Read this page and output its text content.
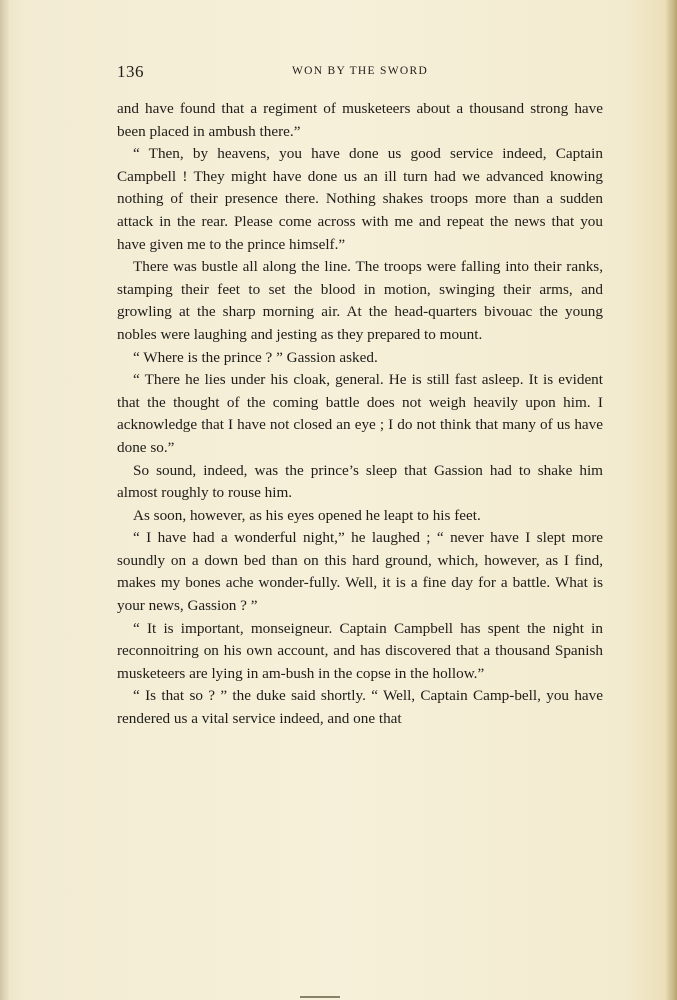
136	WON BY THE SWORD

and have found that a regiment of musketeers about a thousand strong have been placed in ambush there.”

“ Then, by heavens, you have done us good service indeed, Captain Campbell ! They might have done us an ill turn had we advanced knowing nothing of their presence there. Nothing shakes troops more than a sudden attack in the rear. Please come across with me and repeat the news that you have given me to the prince himself.”

There was bustle all along the line. The troops were falling into their ranks, stamping their feet to set the blood in motion, swinging their arms, and growling at the sharp morning air. At the head-quarters bivouac the young nobles were laughing and jesting as they prepared to mount.

“ Where is the prince ? ” Gassion asked.

“ There he lies under his cloak, general. He is still fast asleep. It is evident that the thought of the coming battle does not weigh heavily upon him. I acknowledge that I have not closed an eye ; I do not think that many of us have done so.”

So sound, indeed, was the prince’s sleep that Gassion had to shake him almost roughly to rouse him.

As soon, however, as his eyes opened he leapt to his feet.

“ I have had a wonderful night,” he laughed ; “ never have I slept more soundly on a down bed than on this hard ground, which, however, as I find, makes my bones ache wonder-fully. Well, it is a fine day for a battle. What is your news, Gassion ? ”

“ It is important, monseigneur. Captain Campbell has spent the night in reconnoitring on his own account, and has discovered that a thousand Spanish musketeers are lying in am-bush in the copse in the hollow.”

“ Is that so ? ” the duke said shortly. “ Well, Captain Camp-bell, you have rendered us a vital service indeed, and one that
